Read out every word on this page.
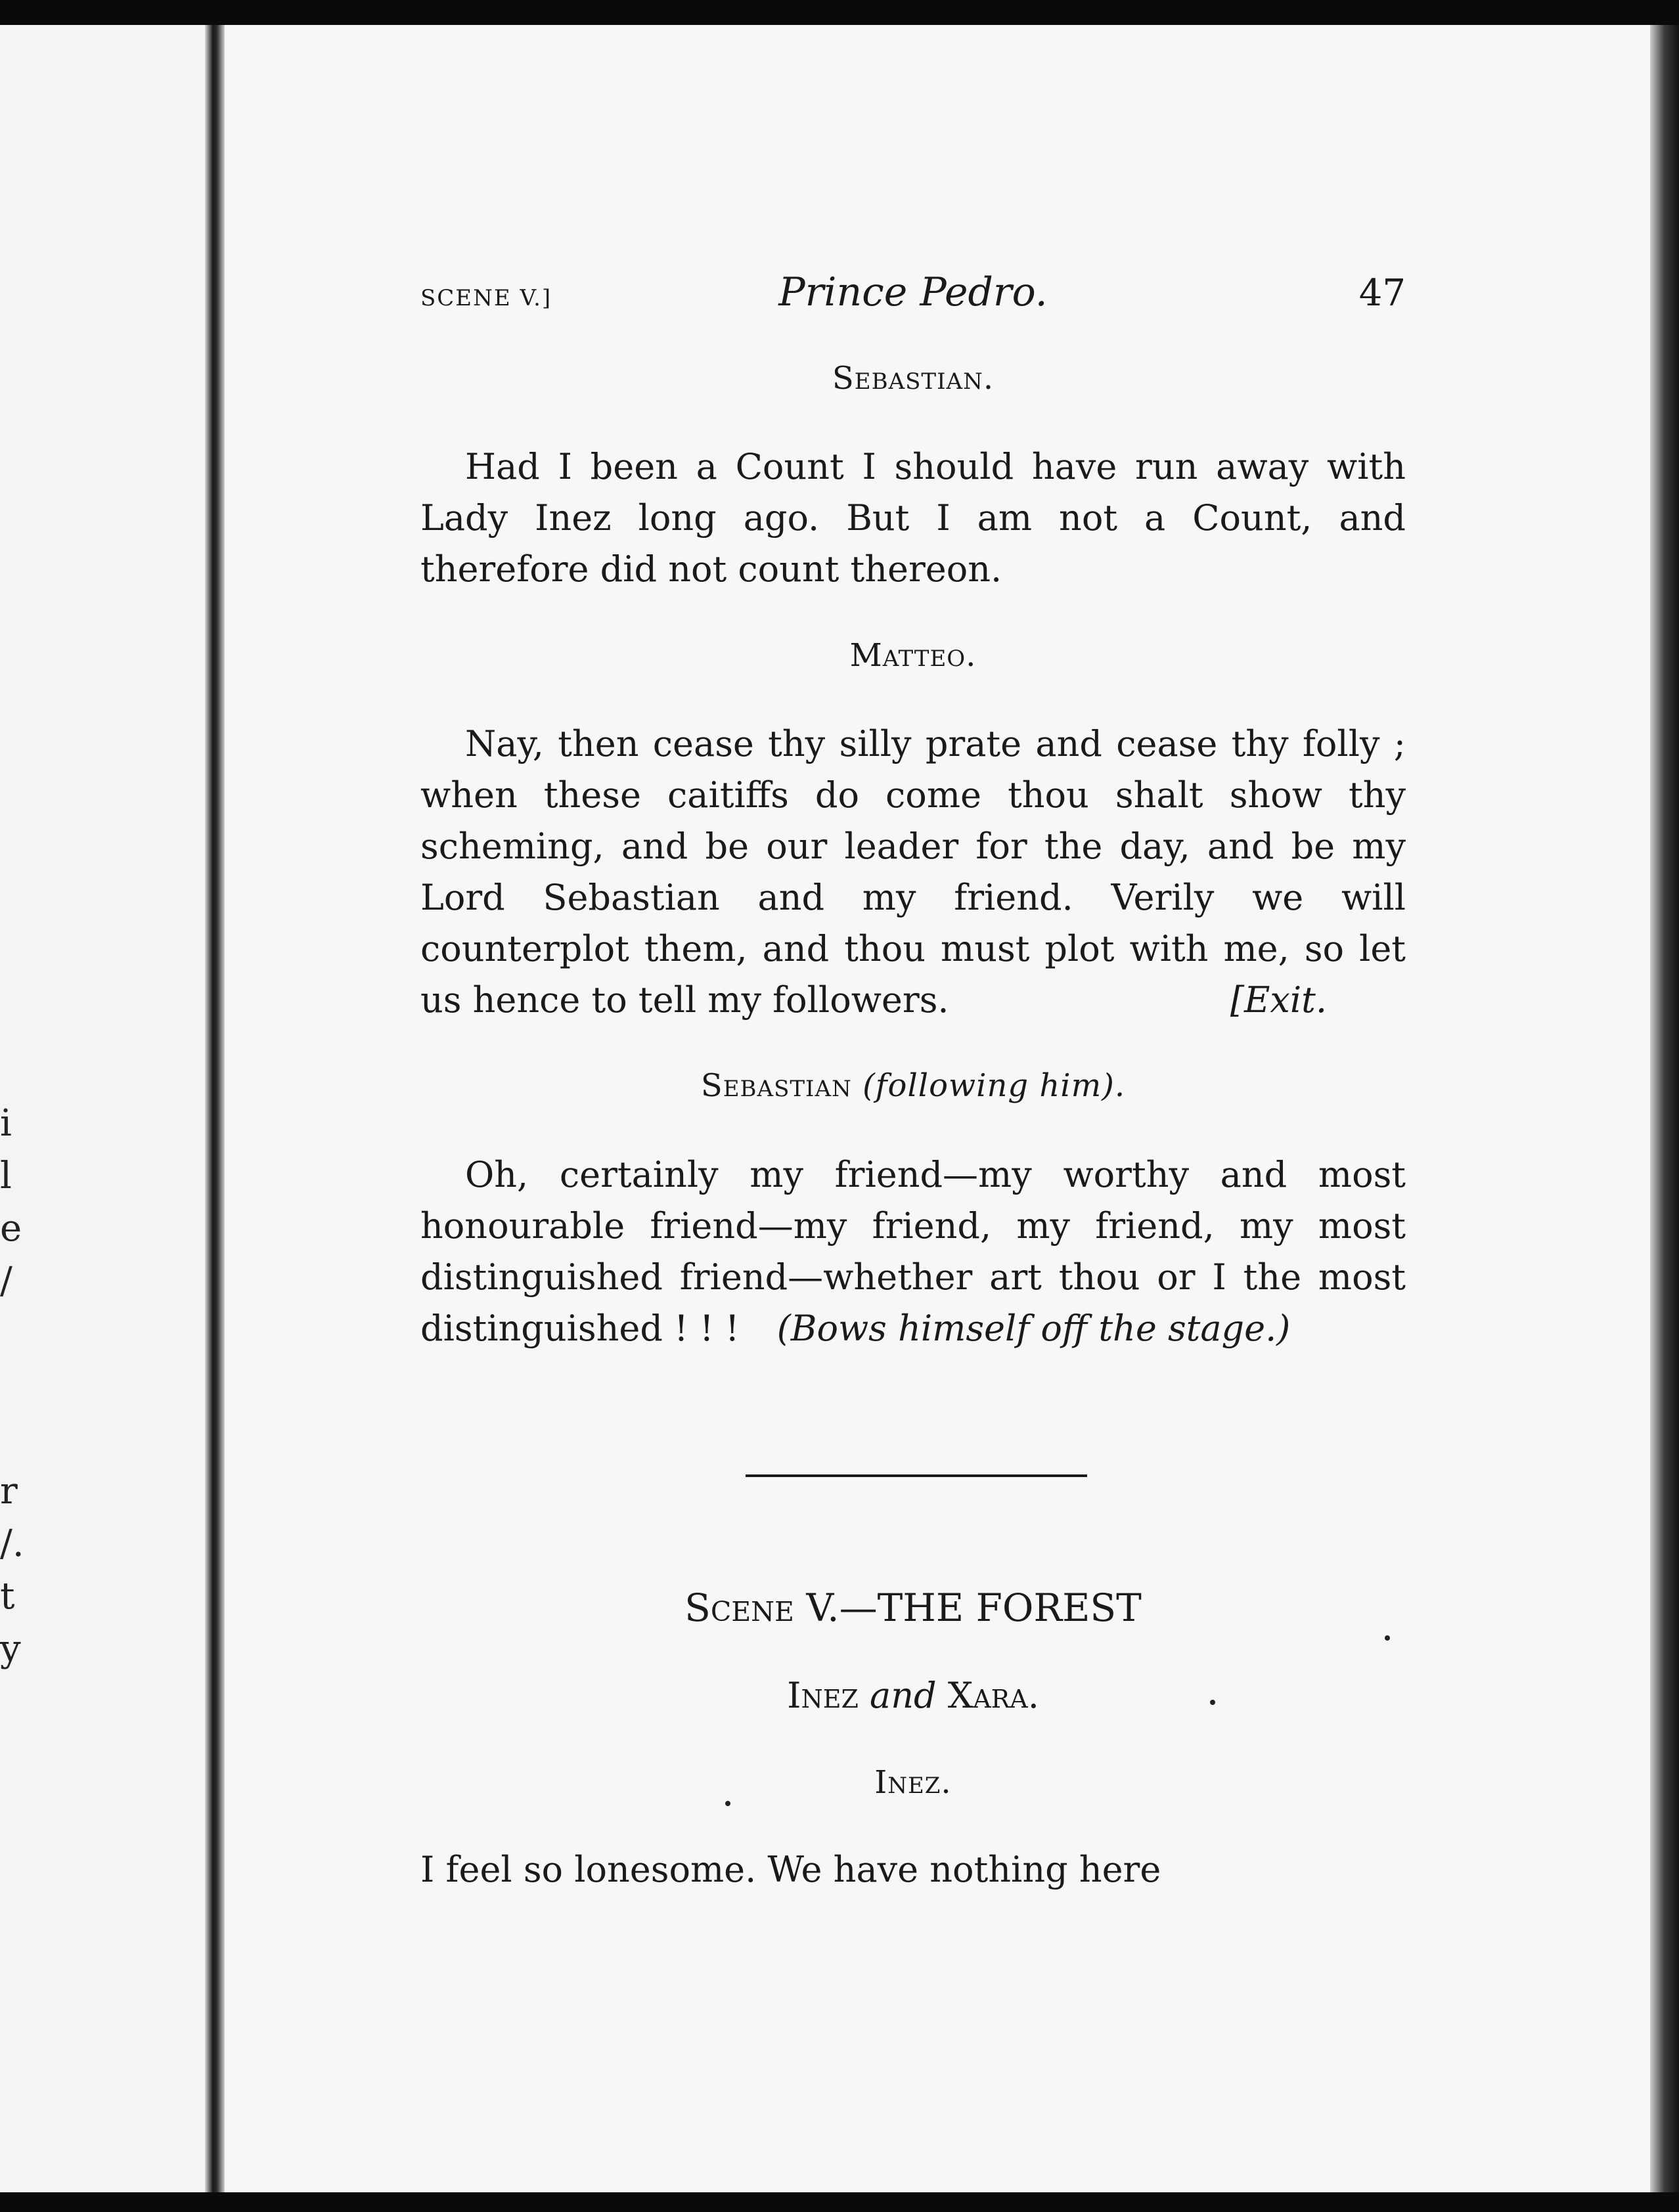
i
l
e
/
r
/.
t
y
SCENE V.]	Prince Pedro.	47
Sebastian.
Had I been a Count I should have run away with Lady Inez long ago. But I am not a Count, and therefore did not count thereon.
Matteo.
Nay, then cease thy silly prate and cease thy folly ; when these caitiffs do come thou shalt show thy scheming, and be our leader for the day, and be my Lord Sebastian and my friend. Verily we will counterplot them, and thou must plot with me, so let us hence to tell my followers.	[Exit.
Sebastian (following him).
Oh, certainly my friend—my worthy and most honourable friend—my friend, my friend, my most distinguished friend—whether art thou or I the most distinguished ! ! ! (Bows himself off the stage.)
Scene V.—THE FOREST
Inez and Xara.
Inez.
I feel so lonesome. We have nothing here
